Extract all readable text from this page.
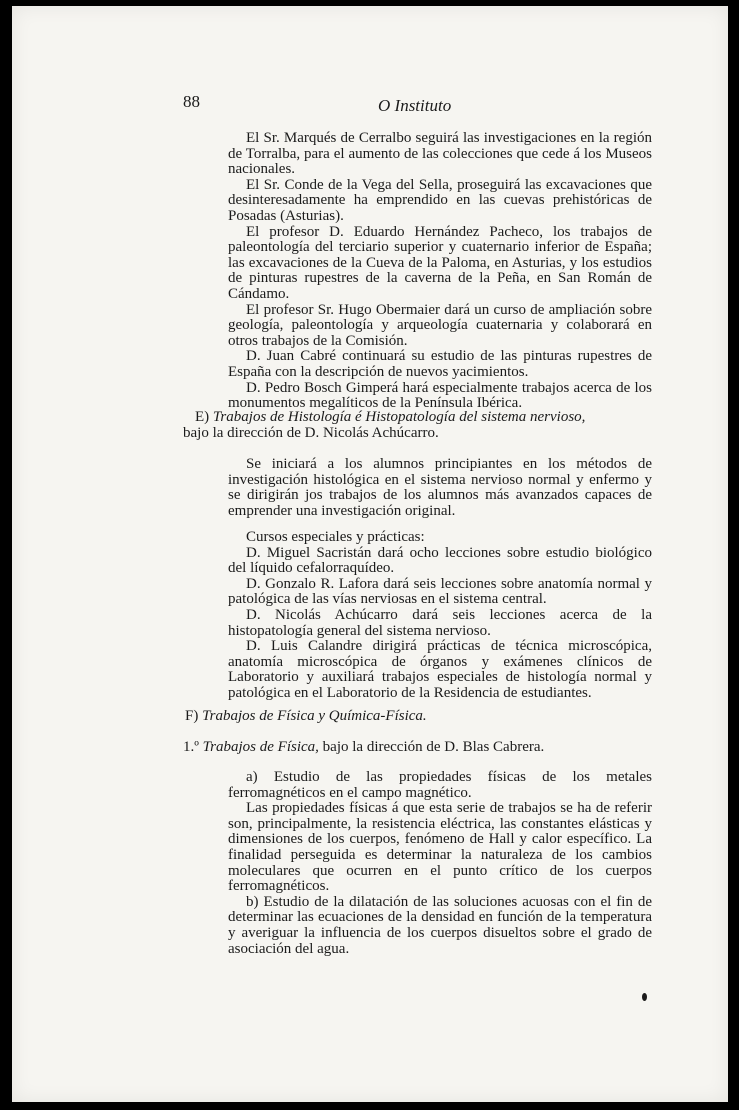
88	O Instituto

El Sr. Marqués de Cerralbo seguirá las investigaciones en la región de Torralba, para el aumento de las colecciones que cede á los Museos nacionales.

El Sr. Conde de la Vega del Sella, proseguirá las excavaciones que desinteresadamente ha emprendido en las cuevas prehistóricas de Posadas (Asturias).

El profesor D. Eduardo Hernández Pacheco, los trabajos de paleontología del terciario superior y cuaternario inferior de España; las excavaciones de la Cueva de la Paloma, en Asturias, y los estudios de pinturas rupestres de la caverna de la Peña, en San Román de Cándamo.

El profesor Sr. Hugo Obermaier dará un curso de ampliación sobre geología, paleontología y arqueología cuaternaria y colaborará en otros trabajos de la Comisión.

D. Juan Cabré continuará su estudio de las pinturas rupestres de España con la descripción de nuevos yacimientos.

D. Pedro Bosch Gimperá hará especialmente trabajos acerca de los monumentos megalíticos de la Península Ibérica.

E) Trabajos de Histología é Histopatología del sistema nervioso,
bajo la dirección de D. Nicolás Achúcarro.

Se iniciará a los alumnos principiantes en los métodos de investigación histológica en el sistema nervioso normal y enfermo y se dirigirán jos trabajos de los alumnos más avanzados capaces de emprender una investigación original.

Cursos especiales y prácticas:

D. Miguel Sacristán dará ocho lecciones sobre estudio biológico del líquido cefalorraquídeo.

D. Gonzalo R. Lafora dará seis lecciones sobre anatomía normal y patológica de las vías nerviosas en el sistema central.

D. Nicolás Achúcarro dará seis lecciones acerca de la histopatología general del sistema nervioso.

D. Luis Calandre dirigirá prácticas de técnica microscópica, anatomía microscópica de órganos y exámenes clínicos de Laboratorio y auxiliará trabajos especiales de histología normal y patológica en el Laboratorio de la Residencia de estudiantes.

F) Trabajos de Física y Química-Física.
1.º Trabajos de Física, bajo la dirección de D. Blas Cabrera.

a) Estudio de las propiedades físicas de los metales ferromagnéticos en el campo magnético.

Las propiedades físicas á que esta serie de trabajos se ha de referir son, principalmente, la resistencia eléctrica, las constantes elásticas y dimensiones de los cuerpos, fenómeno de Hall y calor específico. La finalidad perseguida es determinar la naturaleza de los cambios moleculares que ocurren en el punto crítico de los cuerpos ferromagnéticos.

b) Estudio de la dilatación de las soluciones acuosas con el fin de determinar las ecuaciones de la densidad en función de la temperatura y averiguar la influencia de los cuerpos disueltos sobre el grado de asociación del agua.
